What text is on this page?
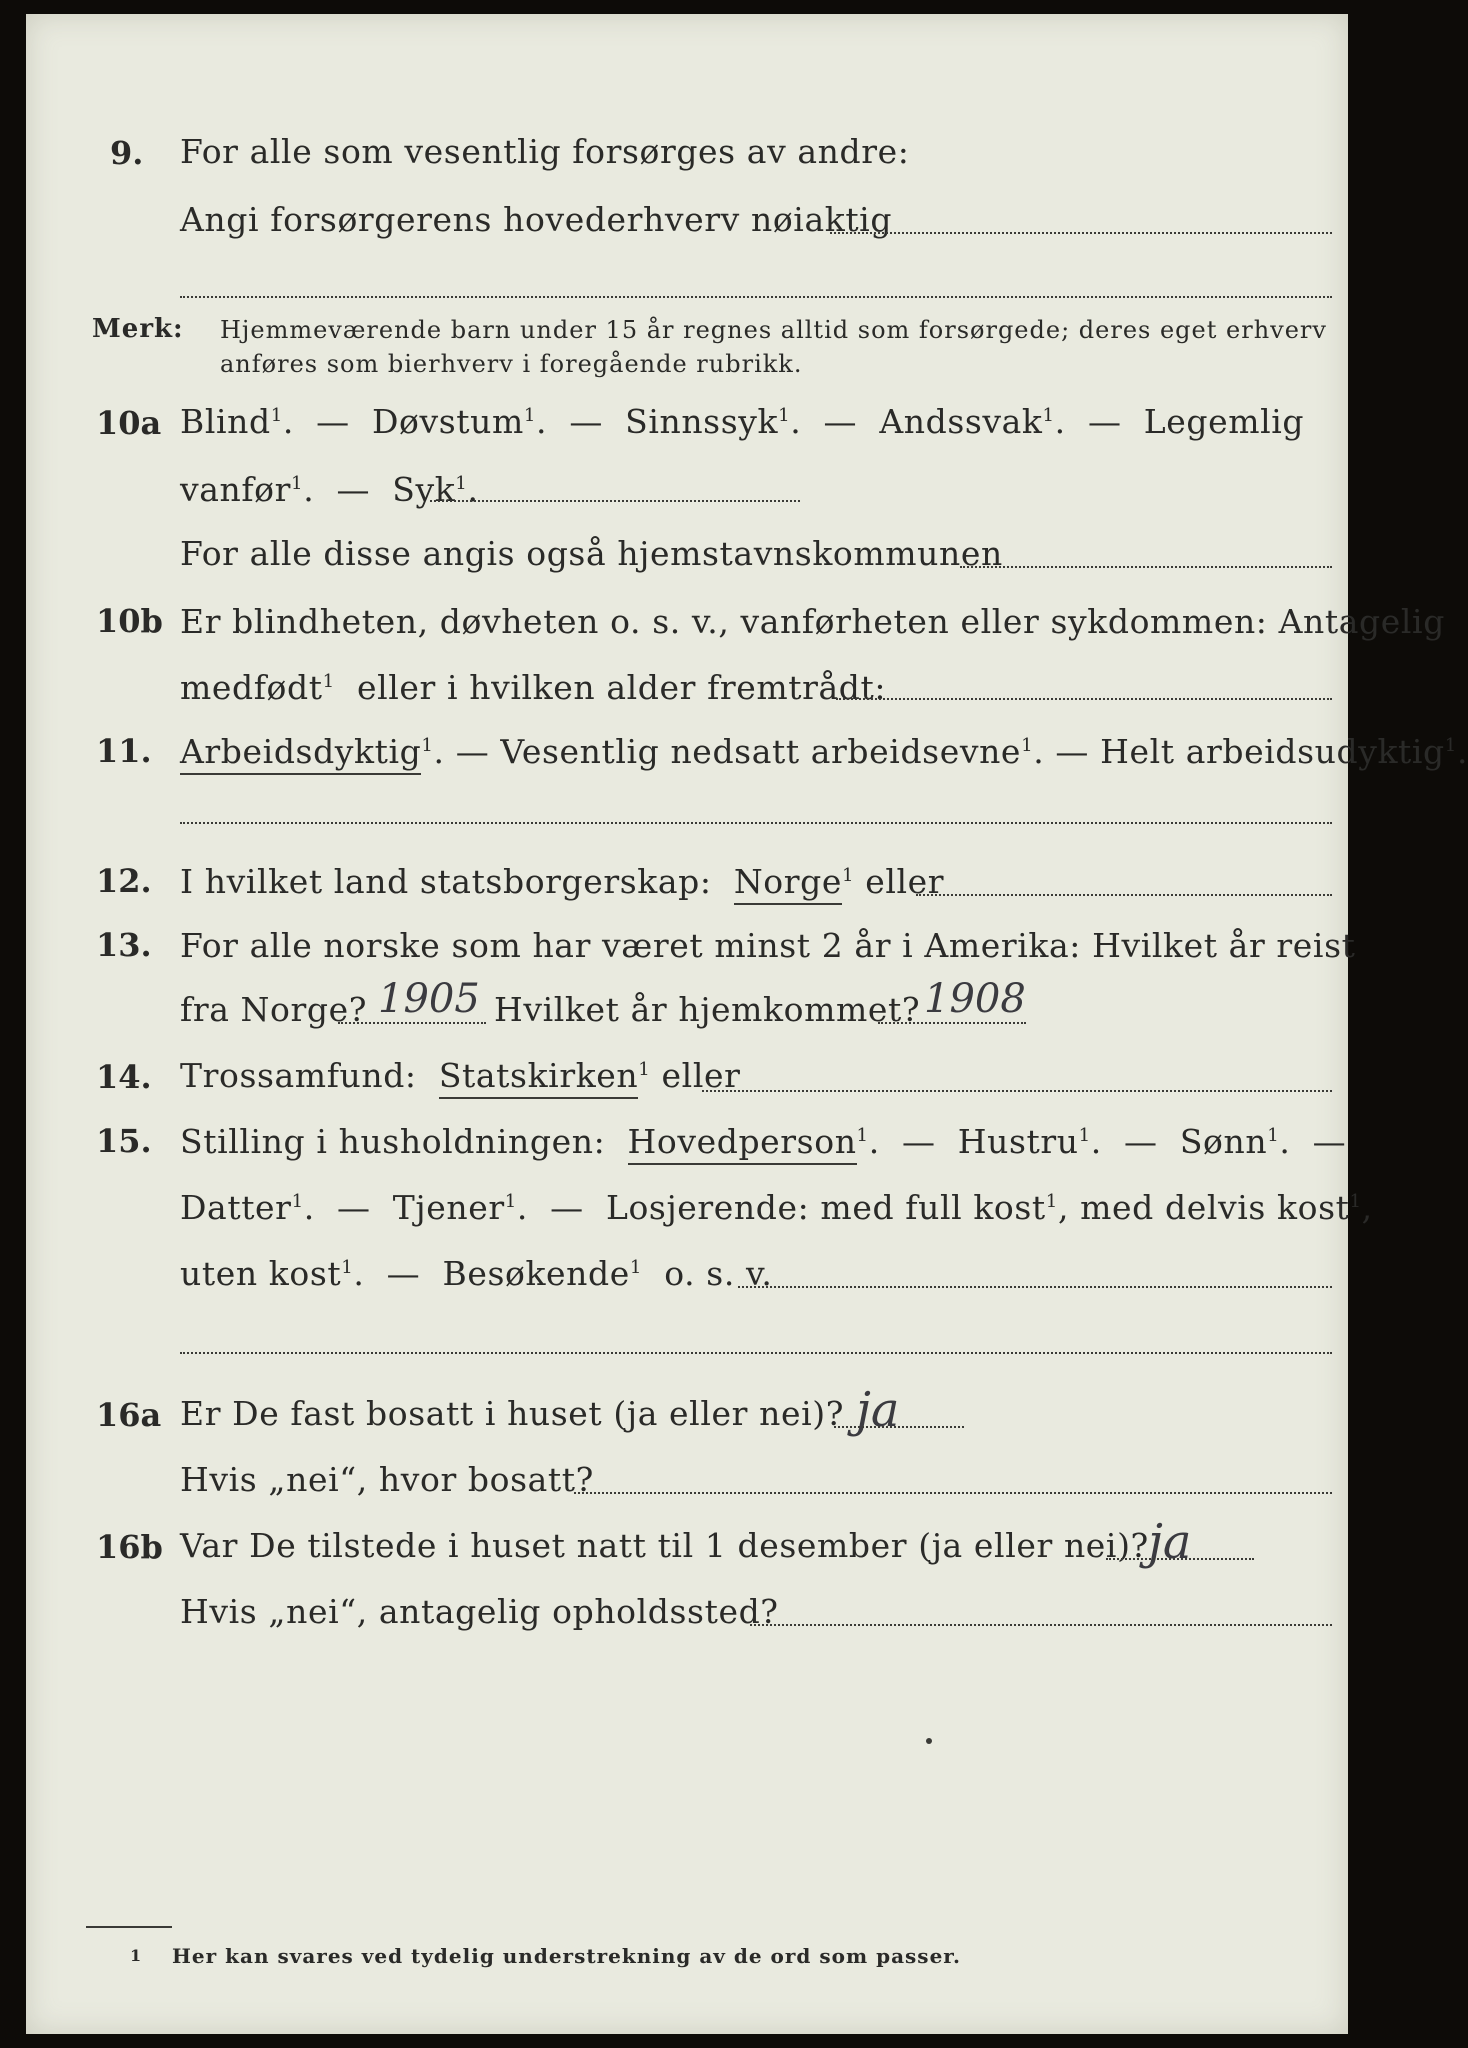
9. For alle som vesentlig forsørges av andre:
Angi forsørgerens hovederhverv nøiaktig
Merk: Hjemmeværende barn under 15 år regnes alltid som forsørgede; deres eget erhverv
anføres som bierhverv i foregående rubrikk.
10a Blind$^1$.  —  Døvstum$^1$.  —  Sinnssyk$^1$.  —  Andssvak$^1$.  —  Legemlig
vanfør$^1$.  —  Syk$^1$.
For alle disse angis også hjemstavnskommunen
10b Er blindheten, døvheten o. s. v., vanførheten eller sykdommen: Antagelig
medfødt$^1$ eller i hvilken alder fremtrådt:
11. Arbeidsdyktig$^1$. — Vesentlig nedsatt arbeidsevne$^1$. — Helt arbeidsudyktig$^1$.
12. I hvilket land statsborgerskap: Norge$^1$ eller
13. For alle norske som har været minst 2 år i Amerika: Hvilket år reist
fra Norge? 1905 Hvilket år hjemkommet? 1908
14. Trossamfund: Statskirken$^1$ eller
15. Stilling i husholdningen: Hovedperson$^1$.  —  Hustru$^1$.  —  Sønn$^1$.  —
Datter$^1$.  —  Tjener$^1$.  —  Losjerende: med full kost$^1$, med delvis kost$^1$,
uten kost$^1$.  —  Besøkende$^1$ o. s. v.
16a Er De fast bosatt i huset (ja eller nei)? ja
Hvis „nei“, hvor bosatt?
16b Var De tilstede i huset natt til 1 desember (ja eller nei)? ja
Hvis „nei“, antagelig opholdssted?
1 Her kan svares ved tydelig understrekning av de ord som passer.
